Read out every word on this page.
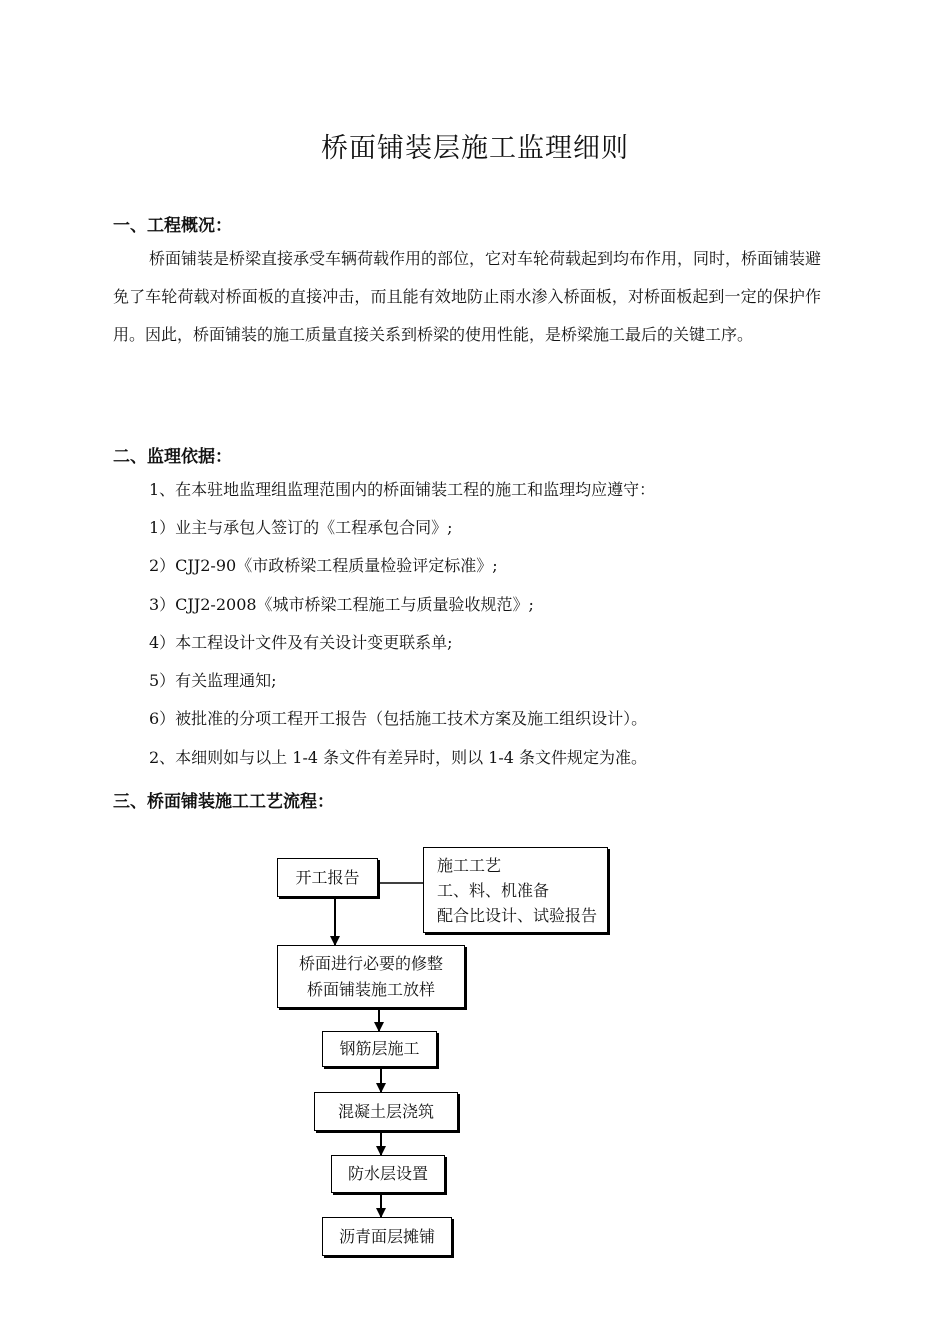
桥面铺装层施工监理细则
一、工程概况：

桥面铺装是桥梁直接承受车辆荷载作用的部位，它对车轮荷载起到均布作用，同时，桥面铺装避免了车轮荷载对桥面板的直接冲击，而且能有效地防止雨水渗入桥面板，对桥面板起到一定的保护作用。因此，桥面铺装的施工质量直接关系到桥梁的使用性能，是桥梁施工最后的关键工序。

二、监理依据：
1、在本驻地监理组监理范围内的桥面铺装工程的施工和监理均应遵守：
1）业主与承包人签订的《工程承包合同》;
2）CJJ2-90《市政桥梁工程质量检验评定标准》;
3）CJJ2-2008《城市桥梁工程施工与质量验收规范》;
4）本工程设计文件及有关设计变更联系单;
5）有关监理通知;
6）被批准的分项工程开工报告（包括施工技术方案及施工组织设计）。
2、本细则如与以上 1-4 条文件有差异时，则以 1-4 条文件规定为准。
三、桥面铺装施工工艺流程：
开工报告
施工工艺
工、料、机准备
配合比设计、试验报告
桥面进行必要的修整
桥面铺装施工放样
钢筋层施工
混凝土层浇筑
防水层设置
沥青面层摊铺
